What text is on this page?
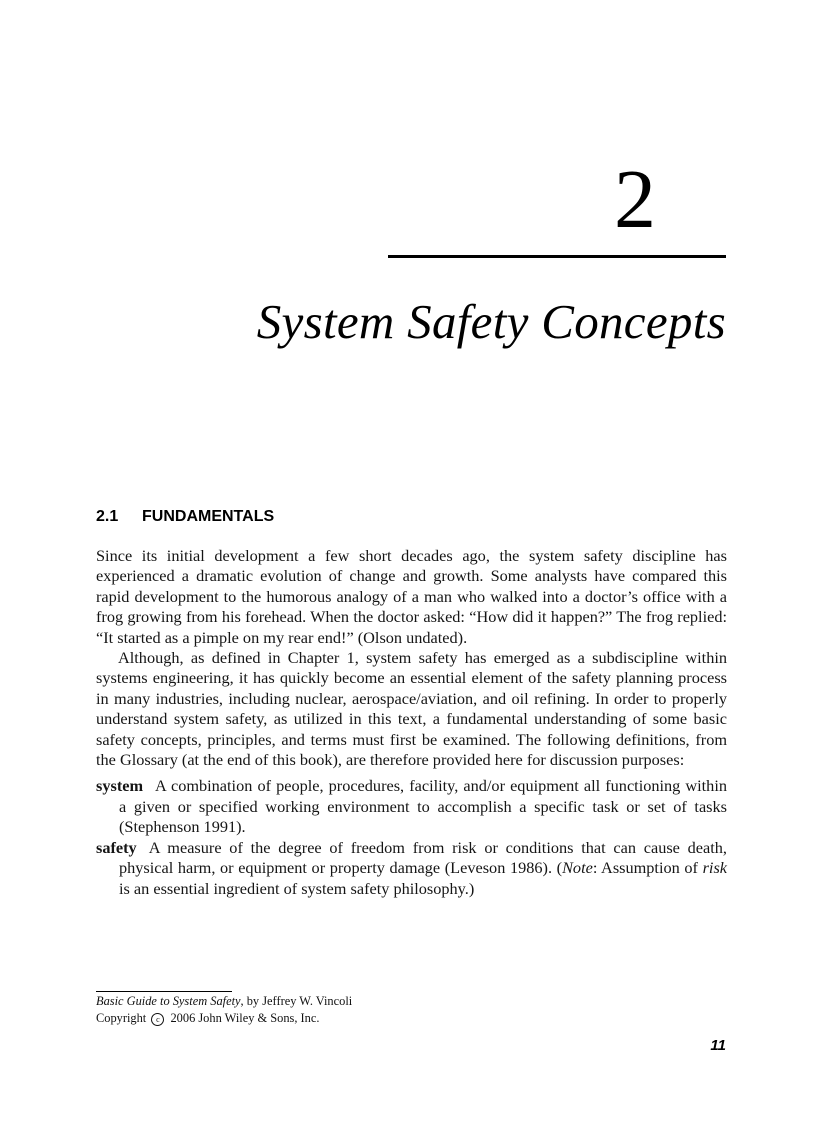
2
System Safety Concepts
2.1 FUNDAMENTALS

Since its initial development a few short decades ago, the system safety discipline has experienced a dramatic evolution of change and growth. Some analysts have compared this rapid development to the humorous analogy of a man who walked into a doctor’s office with a frog growing from his forehead. When the doctor asked: “How did it happen?” The frog replied: “It started as a pimple on my rear end!” (Olson undated).

Although, as defined in Chapter 1, system safety has emerged as a subdiscipline within systems engineering, it has quickly become an essential element of the safety planning process in many industries, including nuclear, aerospace/aviation, and oil refining. In order to properly understand system safety, as utilized in this text, a fundamental understanding of some basic safety concepts, principles, and terms must first be examined. The following definitions, from the Glossary (at the end of this book), are therefore provided here for discussion purposes:

system A combination of people, procedures, facility, and/or equipment all functioning within a given or specified working environment to accomplish a specific task or set of tasks (Stephenson 1991).

safety A measure of the degree of freedom from risk or conditions that can cause death, physical harm, or equipment or property damage (Leveson 1986). (Note: Assumption of risk is an essential ingredient of system safety philosophy.)

Basic Guide to System Safety, by Jeffrey W. Vincoli
Copyright c 2006 John Wiley & Sons, Inc.
11
